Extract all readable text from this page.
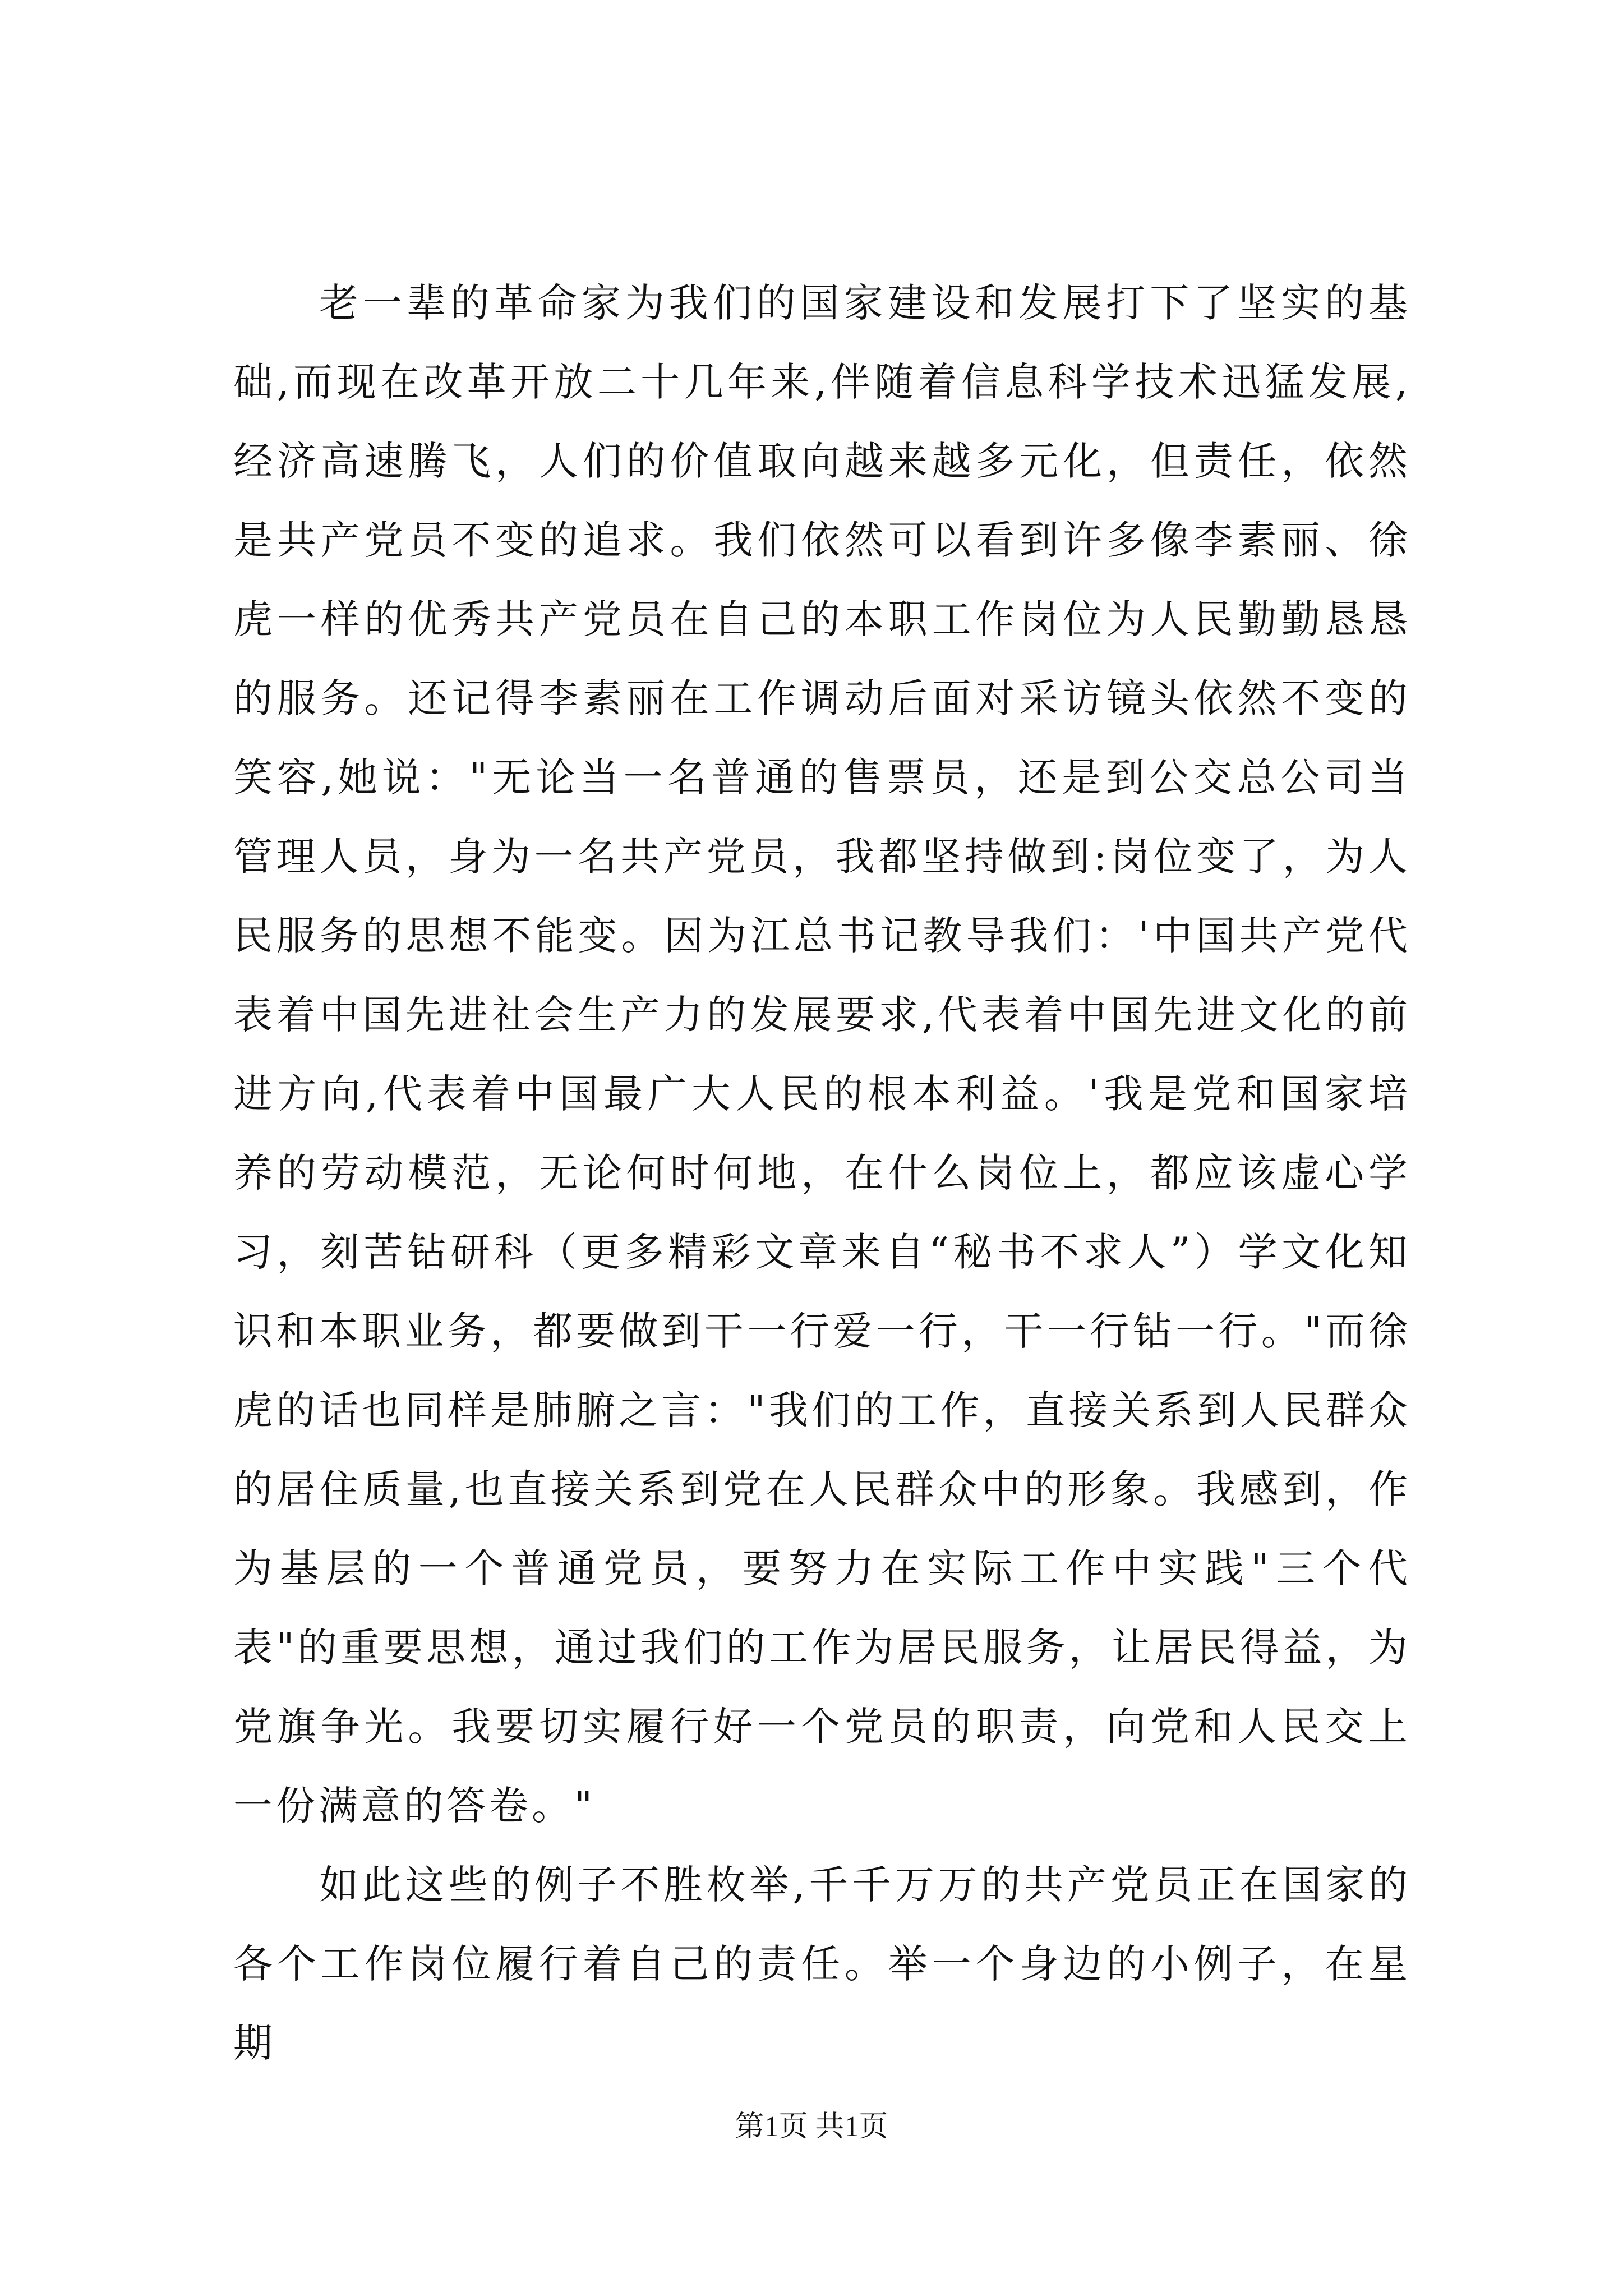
老一辈的革命家为我们的国家建设和发展打下了坚实的基础,而现在改革开放二十几年来,伴随着信息科学技术迅猛发展,经济高速腾飞，人们的价值取向越来越多元化，但责任，依然是共产党员不变的追求。我们依然可以看到许多像李素丽、徐虎一样的优秀共产党员在自己的本职工作岗位为人民勤勤恳恳的服务。还记得李素丽在工作调动后面对采访镜头依然不变的笑容,她说："无论当一名普通的售票员，还是到公交总公司当管理人员，身为一名共产党员，我都坚持做到:岗位变了，为人民服务的思想不能变。因为江总书记教导我们：'中国共产党代表着中国先进社会生产力的发展要求,代表着中国先进文化的前进方向,代表着中国最广大人民的根本利益。'我是党和国家培养的劳动模范，无论何时何地，在什么岗位上，都应该虚心学习，刻苦钻研科（更多精彩文章来自“秘书不求人”）学文化知识和本职业务，都要做到干一行爱一行，干一行钻一行。"而徐虎的话也同样是肺腑之言："我们的工作，直接关系到人民群众的居住质量,也直接关系到党在人民群众中的形象。我感到，作为基层的一个普通党员，要努力在实际工作中实践"三个代表"的重要思想，通过我们的工作为居民服务，让居民得益，为党旗争光。我要切实履行好一个党员的职责，向党和人民交上一份满意的答卷。"

如此这些的例子不胜枚举,千千万万的共产党员正在国家的各个工作岗位履行着自己的责任。举一个身边的小例子，在星期

第1页 共1页
